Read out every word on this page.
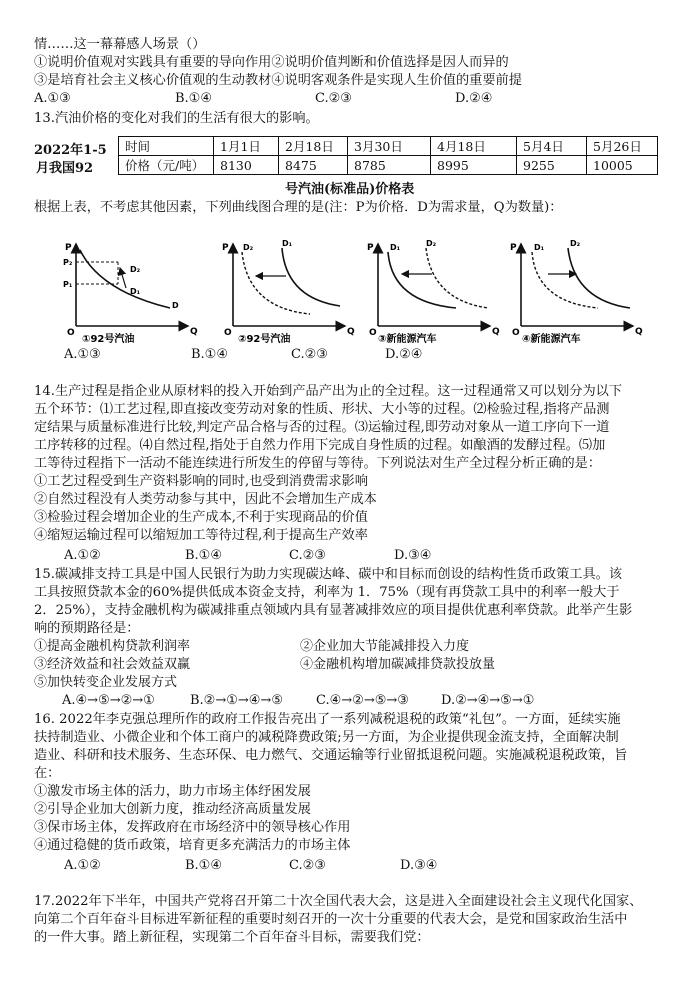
情……这一幕幕感人场景（）
①说明价值观对实践具有重要的导向作用②说明价值判断和价值选择是因人而异的
③是培育社会主义核心价值观的生动教材④说明客观条件是实现人生价值的重要前提
A.①③	B.①④	C.②③	D.②④
13.汽油价格的变化对我们的生活有很大的影响。
2022年1-5
月我国92
时间	1月1日	2月18日	3月30日	4月18日	5月4日	5月26日
价格（元/吨）	8130	8475	8785	8995	9255	10005
号汽油(标准品)价格表
根据上表，不考虑其他因素，下列曲线图合理的是(注：P为价格．D为需求量，Q为数量)：
P
Q
O
P₂
P₁
D₂
D₁
D
P
Q
O
D₂	D₁	P
Q
O
D₁	D₂	P
Q
O
D₁	D₂
①92号汽油	②92号汽油	③新能源汽车	④新能源汽车
A.①③	B.①④	C.②③	D.②④
14.生产过程是指企业从原材料的投入开始到产品产出为止的全过程。这一过程通常又可以划分为以下
五个环节：⑴工艺过程,即直接改变劳动对象的性质、形状、大小等的过程。⑵检验过程,指将产品测
定结果与质量标准进行比较,判定产品合格与否的过程。⑶运输过程,即劳动对象从一道工序向下一道
工序转移的过程。⑷自然过程,指处于自然力作用下完成自身性质的过程。如酿酒的发酵过程。⑸加
工等待过程指下一活动不能连续进行所发生的停留与等待。下列说法对生产全过程分析正确的是：
①工艺过程受到生产资料影响的同时,也受到消费需求影响
②自然过程没有人类劳动参与其中，因此不会增加生产成本
③检验过程会增加企业的生产成本,不利于实现商品的价值
④缩短运输过程可以缩短加工等待过程,利于提高生产效率
A.①②	B.①④	C.②③	D.③④
15.碳减排支持工具是中国人民银行为助力实现碳达峰、碳中和目标而创设的结构性货币政策工具。该
工具按照贷款本金的60%提供低成本资金支持，利率为 1．75%（现有再贷款工具中的利率一般大于
2．25%），支持金融机构为碳减排重点领域内具有显著减排效应的项目提供优惠利率贷款。此举产生影
响的预期路径是：
①提高金融机构贷款利润率	②企业加大节能减排投入力度
③经济效益和社会效益双赢	④金融机构增加碳减排贷款投放量
⑤加快转变企业发展方式
A.④→⑤→②→①	B.②→①→④→⑤	C.④→②→⑤→③ D.②→④→⑤→①
16. 2022年李克强总理所作的政府工作报告亮出了一系列减税退税的政策“礼包”。一方面，延续实施
扶持制造业、小微企业和个体工商户的减税降费政策;另一方面，为企业提供现金流支持，全面解决制
造业、科研和技术服务、生态环保、电力燃气、交通运输等行业留抵退税问题。实施减税退税政策，旨
在：
①激发市场主体的活力，助力市场主体纾困发展
②引导企业加大创新力度，推动经济高质量发展
③保市场主体，发挥政府在市场经济中的领导核心作用
④通过稳健的货币政策，培育更多充满活力的市场主体
A.①②	B.①④	C.②③	D.③④
17.2022年下半年，中国共产党将召开第二十次全国代表大会，这是进入全面建设社会主义现代化国家、
向第二个百年奋斗目标进军新征程的重要时刻召开的一次十分重要的代表大会，是党和国家政治生活中
的一件大事。踏上新征程，实现第二个百年奋斗目标，需要我们党：
